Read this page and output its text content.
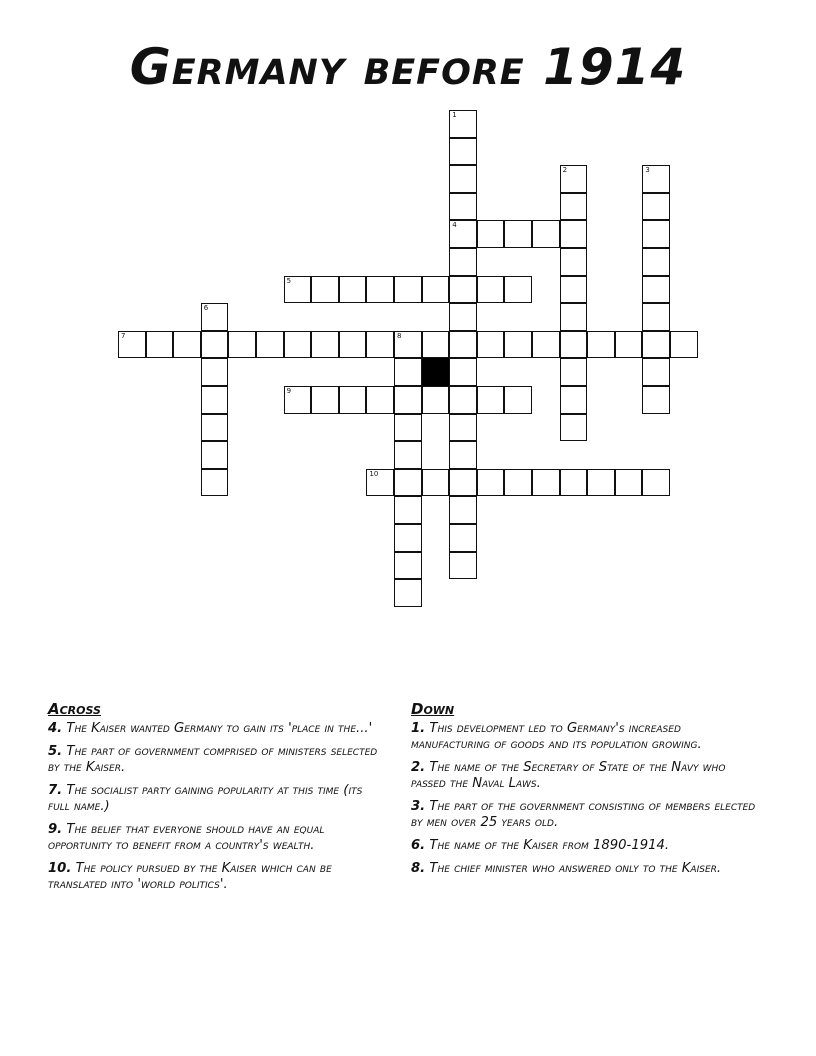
Germany before 1914
4
5
7	8
9
10
1
2	3
6
Across
4. The Kaiser wanted Germany to gain its 'place in the...'
5. The part of government comprised of ministers selected by the Kaiser.
7. The socialist party gaining popularity at this time (its full name.)
9. The belief that everyone should have an equal opportunity to benefit from a country's wealth.
10. The policy pursued by the Kaiser which can be translated into 'world politics'.
Down
1. This development led to Germany's increased manufacturing of goods and its population growing.
2. The name of the Secretary of State of the Navy who passed the Naval Laws.
3. The part of the government consisting of members elected by men over 25 years old.
6. The name of the Kaiser from 1890-1914.
8. The chief minister who answered only to the Kaiser.
